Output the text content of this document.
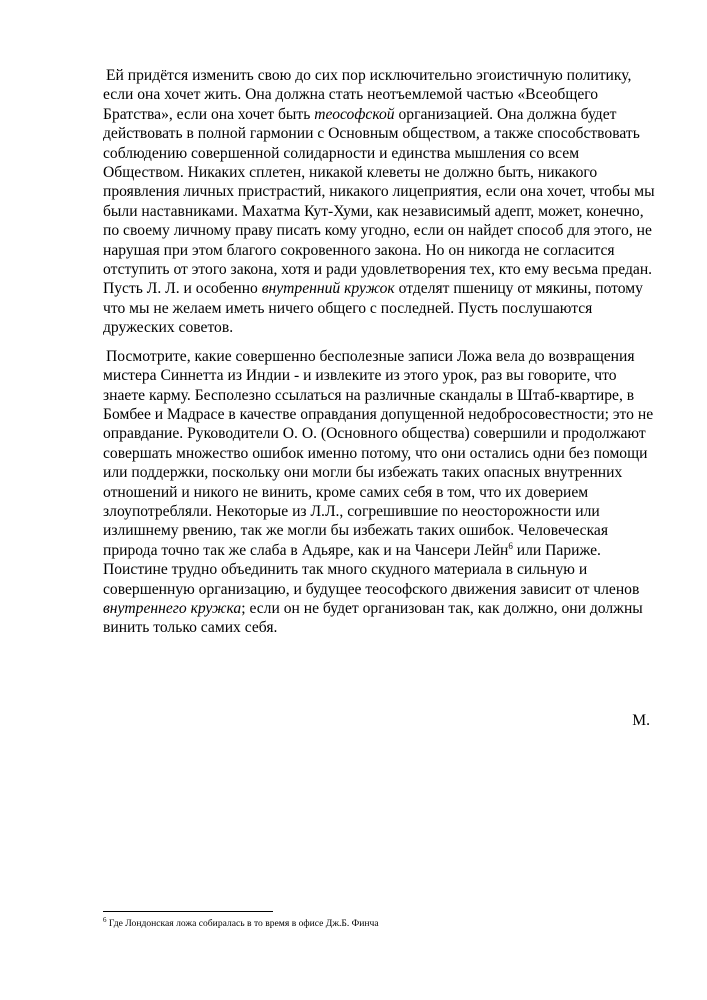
Ей придётся изменить свою до сих пор исключительно эгоистичную политику, если она хочет жить. Она должна стать неотъемлемой частью «Всеобщего Братства», если она хочет быть теософской организацией. Она должна будет действовать в полной гармонии с Основным обществом, а также способствовать соблюдению совершенной солидарности и единства мышления со всем Обществом. Никаких сплетен, никакой клеветы не должно быть, никакого проявления личных пристрастий, никакого лицеприятия, если она хочет, чтобы мы были наставниками. Махатма Кут-Хуми, как независимый адепт, может, конечно, по своему личному праву писать кому угодно, если он найдет способ для этого, не нарушая при этом благого сокровенного закона. Но он никогда не согласится отступить от этого закона, хотя и ради удовлетворения тех, кто ему весьма предан. Пусть Л. Л. и особенно внутренний кружок отделят пшеницу от мякины, потому что мы не желаем иметь ничего общего с последней. Пусть послушаются дружеских советов.

Посмотрите, какие совершенно бесполезные записи Ложа вела до возвращения мистера Синнетта из Индии - и извлеките из этого урок, раз вы говорите, что знаете карму. Бесполезно ссылаться на различные скандалы в Штаб-квартире, в Бомбее и Мадрасе в качестве оправдания допущенной недобросовестности; это не оправдание. Руководители О. О. (Основного общества) совершили и продолжают совершать множество ошибок именно потому, что они остались одни без помощи или поддержки, поскольку они могли бы избежать таких опасных внутренних отношений и никого не винить, кроме самих себя в том, что их доверием злоупотребляли. Некоторые из Л.Л., согрешившие по неосторожности или излишнему рвению, так же могли бы избежать таких ошибок. Человеческая природа точно так же слаба в Адьяре, как и на Чансери Лейн$^6$ или Париже. Поистине трудно объединить так много скудного материала в сильную и совершенную организацию, и будущее теософского движения зависит от членов внутреннего кружка; если он не будет организован так, как должно, они должны винить только самих себя.

М.
$^6$ Где Лондонская ложа собиралась в то время в офисе Дж.Б. Финча
